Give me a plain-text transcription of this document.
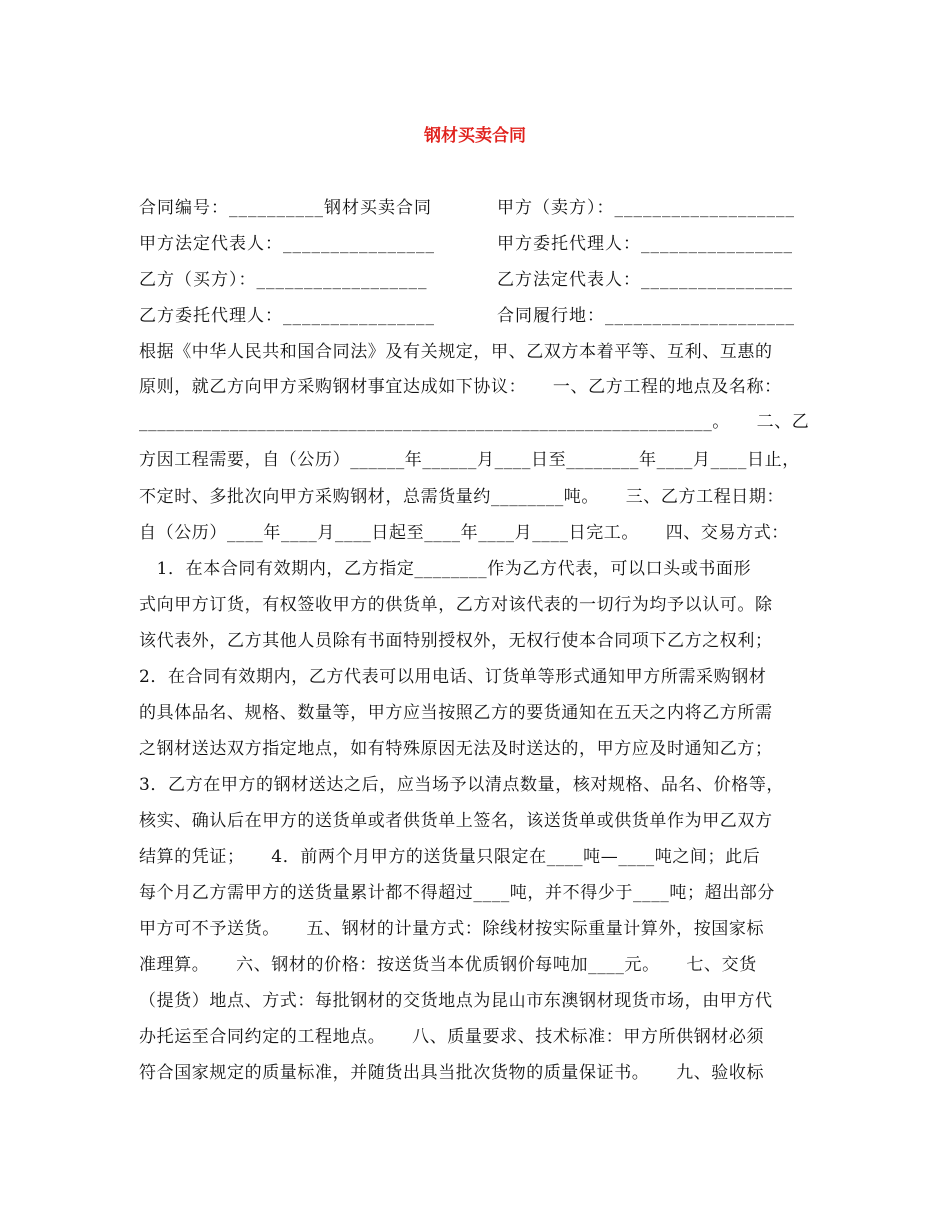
钢材买卖合同
合同编号：__________钢材买卖合同	甲方（卖方）：___________________
甲方法定代表人：________________	甲方委托代理人：________________
乙方（买方）：__________________	乙方法定代表人：________________
乙方委托代理人：________________	合同履行地：____________________
根据《中华人民共和国合同法》及有关规定，甲、乙双方本着平等、互利、互惠的
原则，就乙方向甲方采购钢材事宜达成如下协议：　　一、乙方工程的地点及名称：
_______________________________________________________________。　　二、乙
方因工程需要，自（公历）______年______月____日至________年____月____日止，
不定时、多批次向甲方采购钢材，总需货量约________吨。　　三、乙方工程日期：
自（公历）____年____月____日起至____年____月____日完工。　　四、交易方式：
　1．在本合同有效期内，乙方指定________作为乙方代表，可以口头或书面形
式向甲方订货，有权签收甲方的供货单，乙方对该代表的一切行为均予以认可。除
该代表外，乙方其他人员除有书面特别授权外，无权行使本合同项下乙方之权利；
2．在合同有效期内，乙方代表可以用电话、订货单等形式通知甲方所需采购钢材
的具体品名、规格、数量等，甲方应当按照乙方的要货通知在五天之内将乙方所需
之钢材送达双方指定地点，如有特殊原因无法及时送达的，甲方应及时通知乙方；
3．乙方在甲方的钢材送达之后，应当场予以清点数量，核对规格、品名、价格等，
核实、确认后在甲方的送货单或者供货单上签名，该送货单或供货单作为甲乙双方
结算的凭证；　　4．前两个月甲方的送货量只限定在____吨—____吨之间；此后
每个月乙方需甲方的送货量累计都不得超过____吨，并不得少于____吨；超出部分
甲方可不予送货。　　五、钢材的计量方式：除线材按实际重量计算外，按国家标
准理算。　　六、钢材的价格：按送货当本优质钢价每吨加____元。　　七、交货
（提货）地点、方式：每批钢材的交货地点为昆山市东澳钢材现货市场，由甲方代
办托运至合同约定的工程地点。　　八、质量要求、技术标准：甲方所供钢材必须
符合国家规定的质量标准，并随货出具当批次货物的质量保证书。　　九、验收标
